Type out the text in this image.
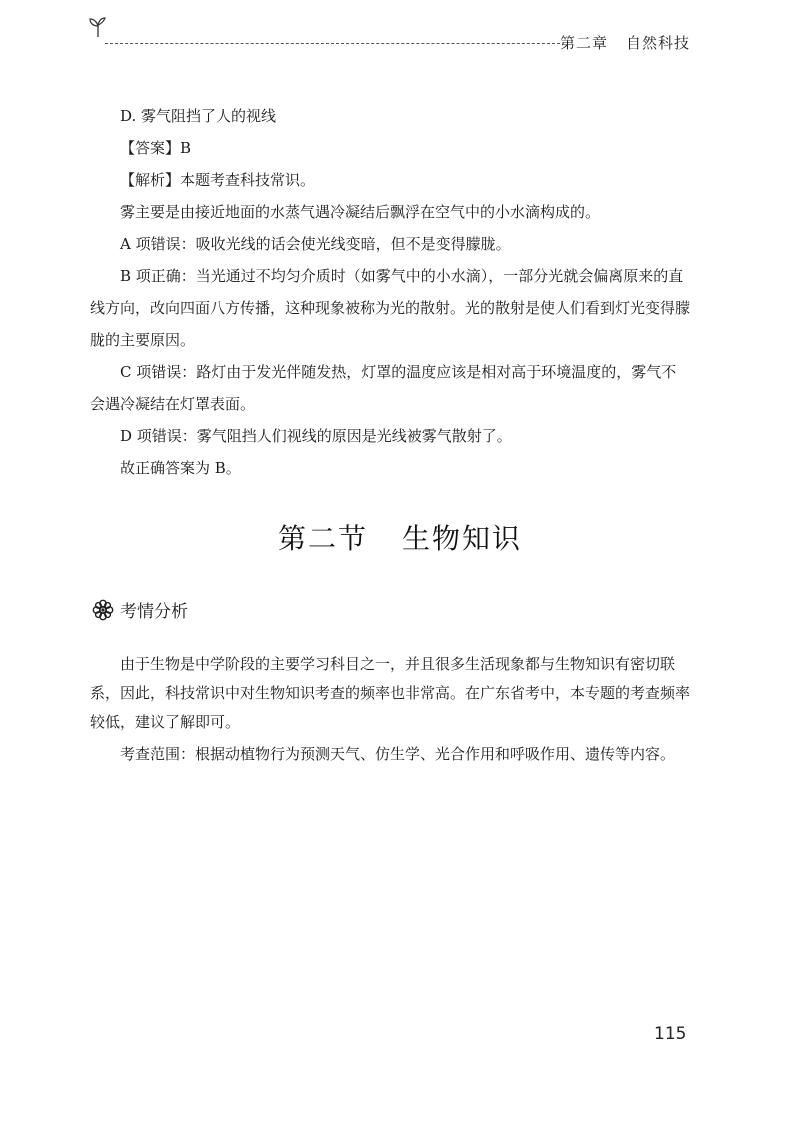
第二章 自然科技

D. 雾气阻挡了人的视线

【答案】B

【解析】本题考查科技常识。

雾主要是由接近地面的水蒸气遇冷凝结后飘浮在空气中的小水滴构成的。

A 项错误：吸收光线的话会使光线变暗，但不是变得朦胧。

B 项正确：当光通过不均匀介质时（如雾气中的小水滴），一部分光就会偏离原来的直线方向，改向四面八方传播，这种现象被称为光的散射。光的散射是使人们看到灯光变得朦胧的主要原因。

C 项错误：路灯由于发光伴随发热，灯罩的温度应该是相对高于环境温度的，雾气不会遇冷凝结在灯罩表面。

D 项错误：雾气阻挡人们视线的原因是光线被雾气散射了。

故正确答案为 B。

第二节 生物知识
考情分析

由于生物是中学阶段的主要学习科目之一，并且很多生活现象都与生物知识有密切联系，因此，科技常识中对生物知识考查的频率也非常高。在广东省考中，本专题的考查频率较低，建议了解即可。

考查范围：根据动植物行为预测天气、仿生学、光合作用和呼吸作用、遗传等内容。

115
